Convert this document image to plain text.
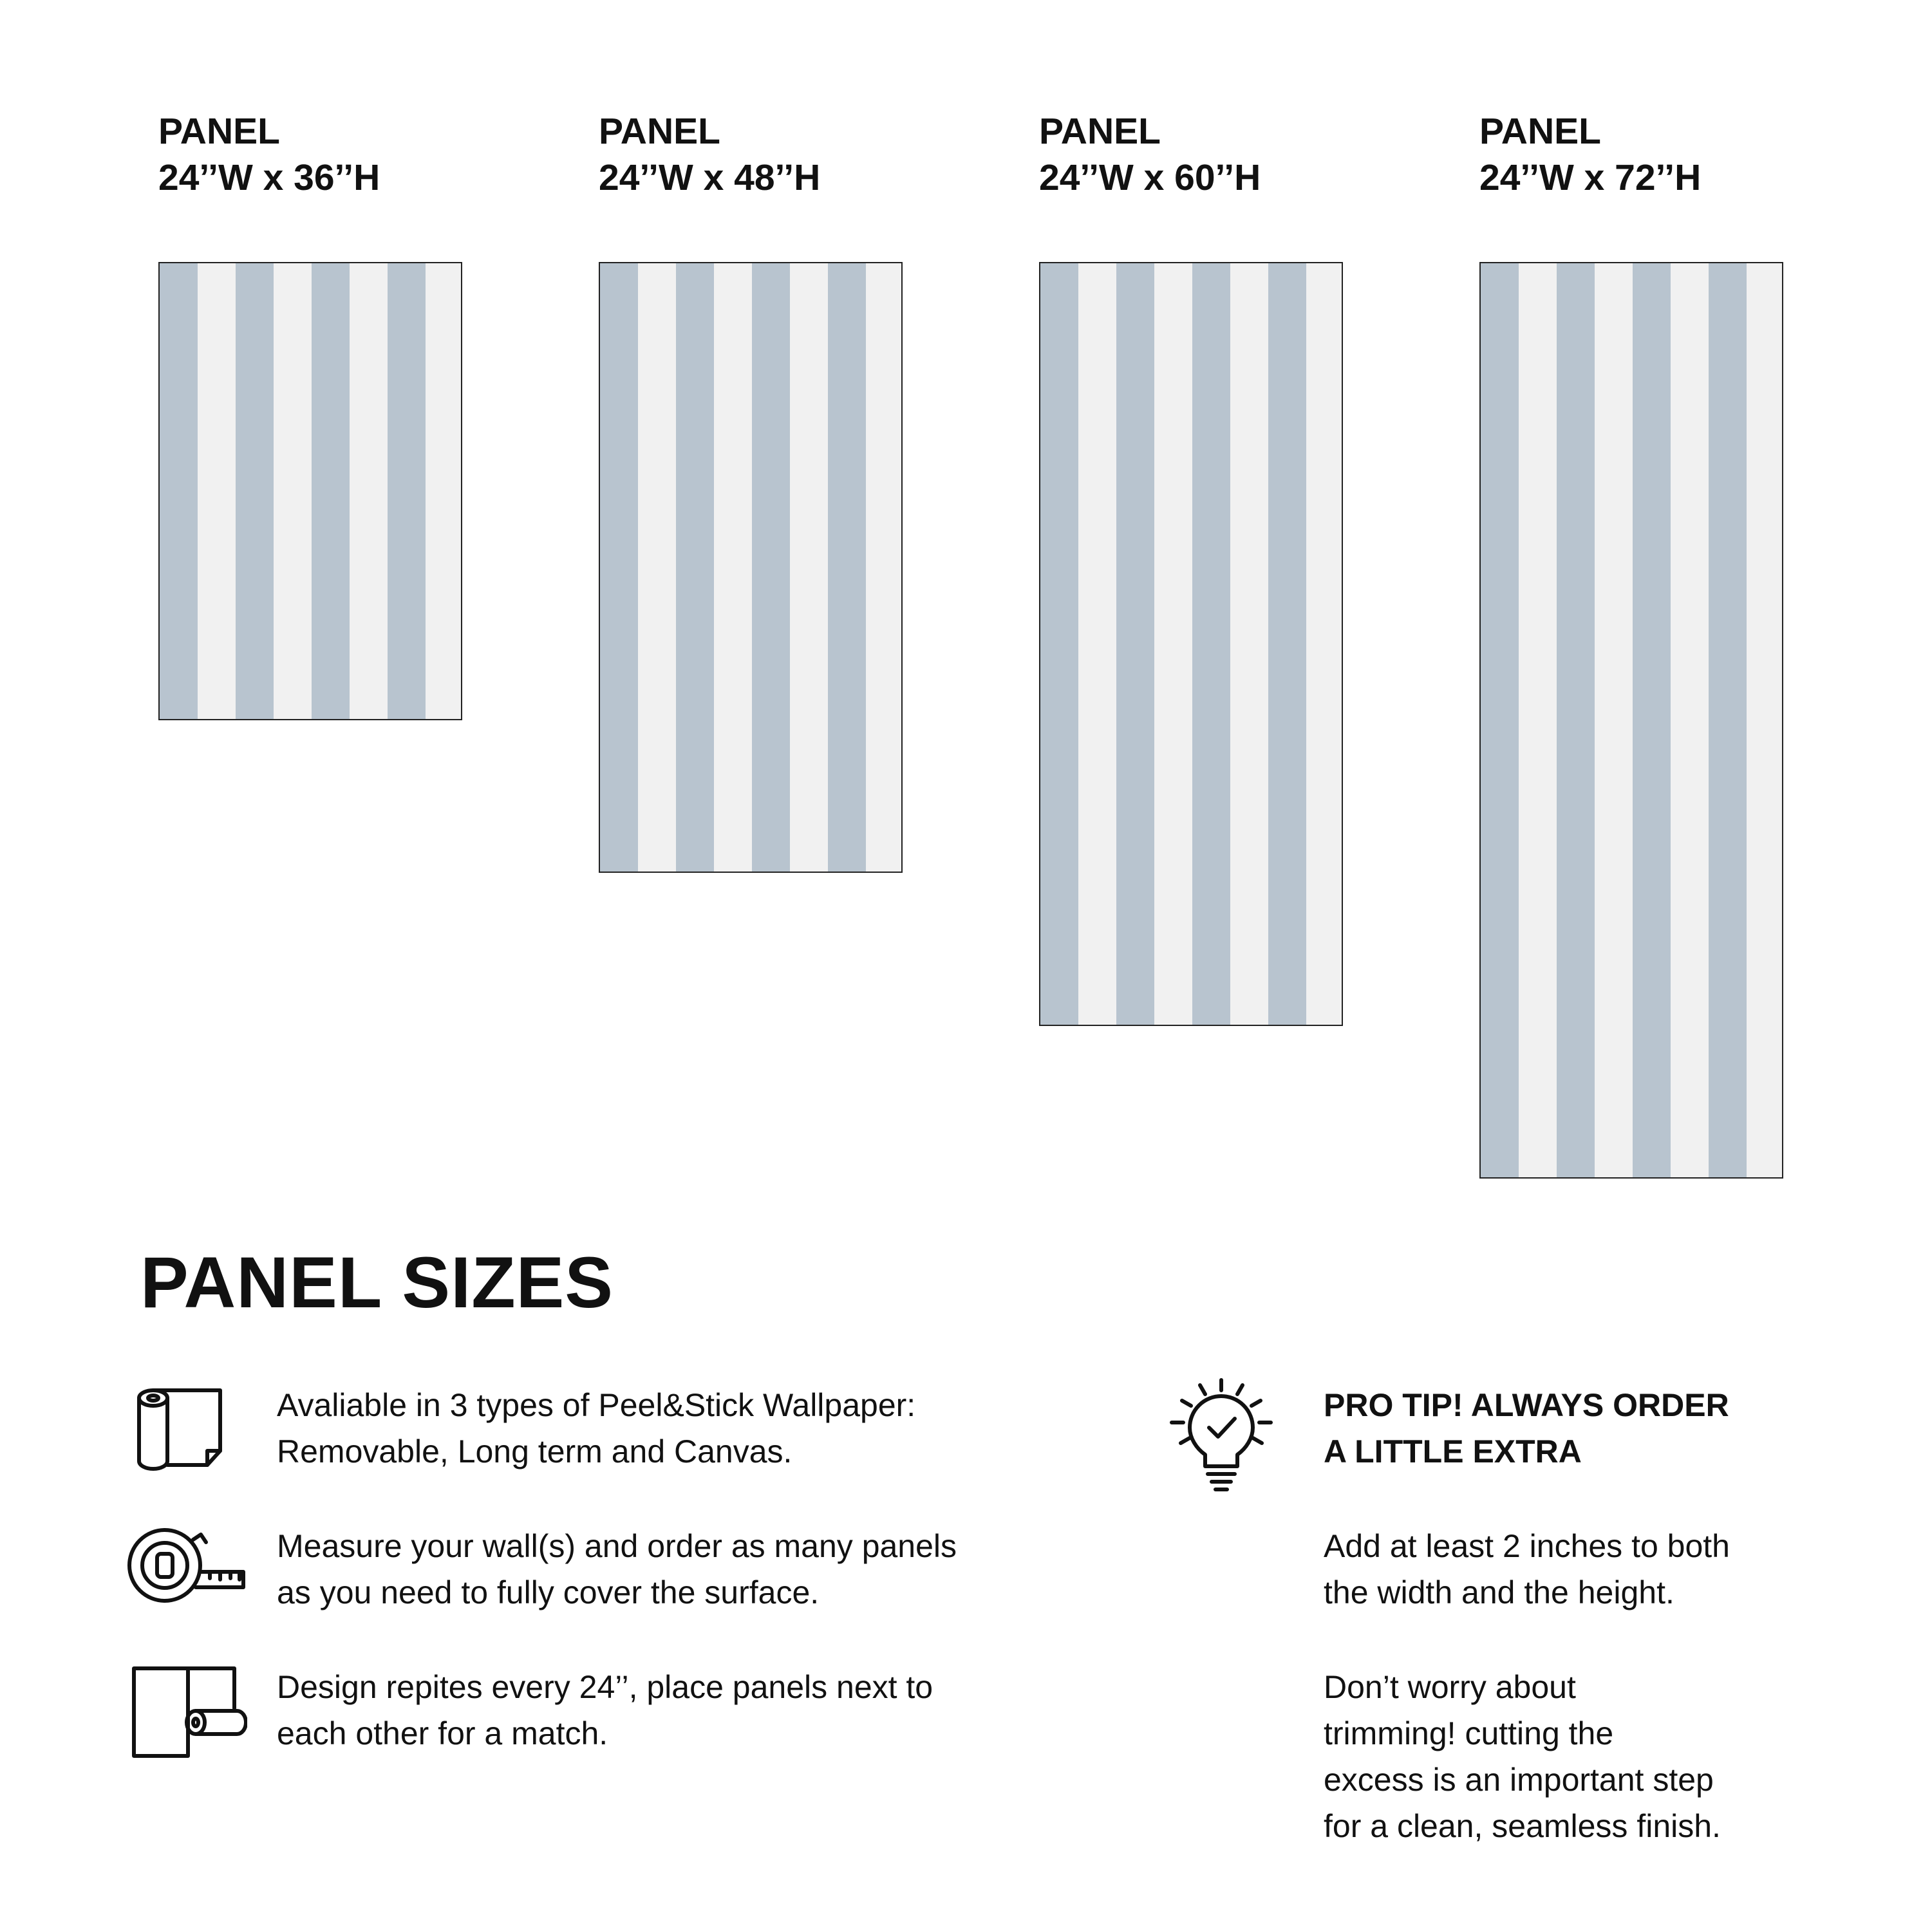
PANEL
24’’W x 36’’H
PANEL
24’’W x 48’’H
PANEL
24’’W x 60’’H
PANEL
24’’W x 72’’H
PANEL SIZES
Avaliable in 3 types of Peel&Stick Wallpaper:
Removable, Long term and Canvas.
Measure your wall(s) and order as many panels
as you need to fully cover the surface.
Design repites every 24’’, place panels next to
each other for a match.
PRO TIP! ALWAYS ORDER
A LITTLE EXTRA
Add at least 2 inches to both
the width and the height.
Don’t worry about
trimming! cutting the
excess is an important step
for a clean, seamless finish.
